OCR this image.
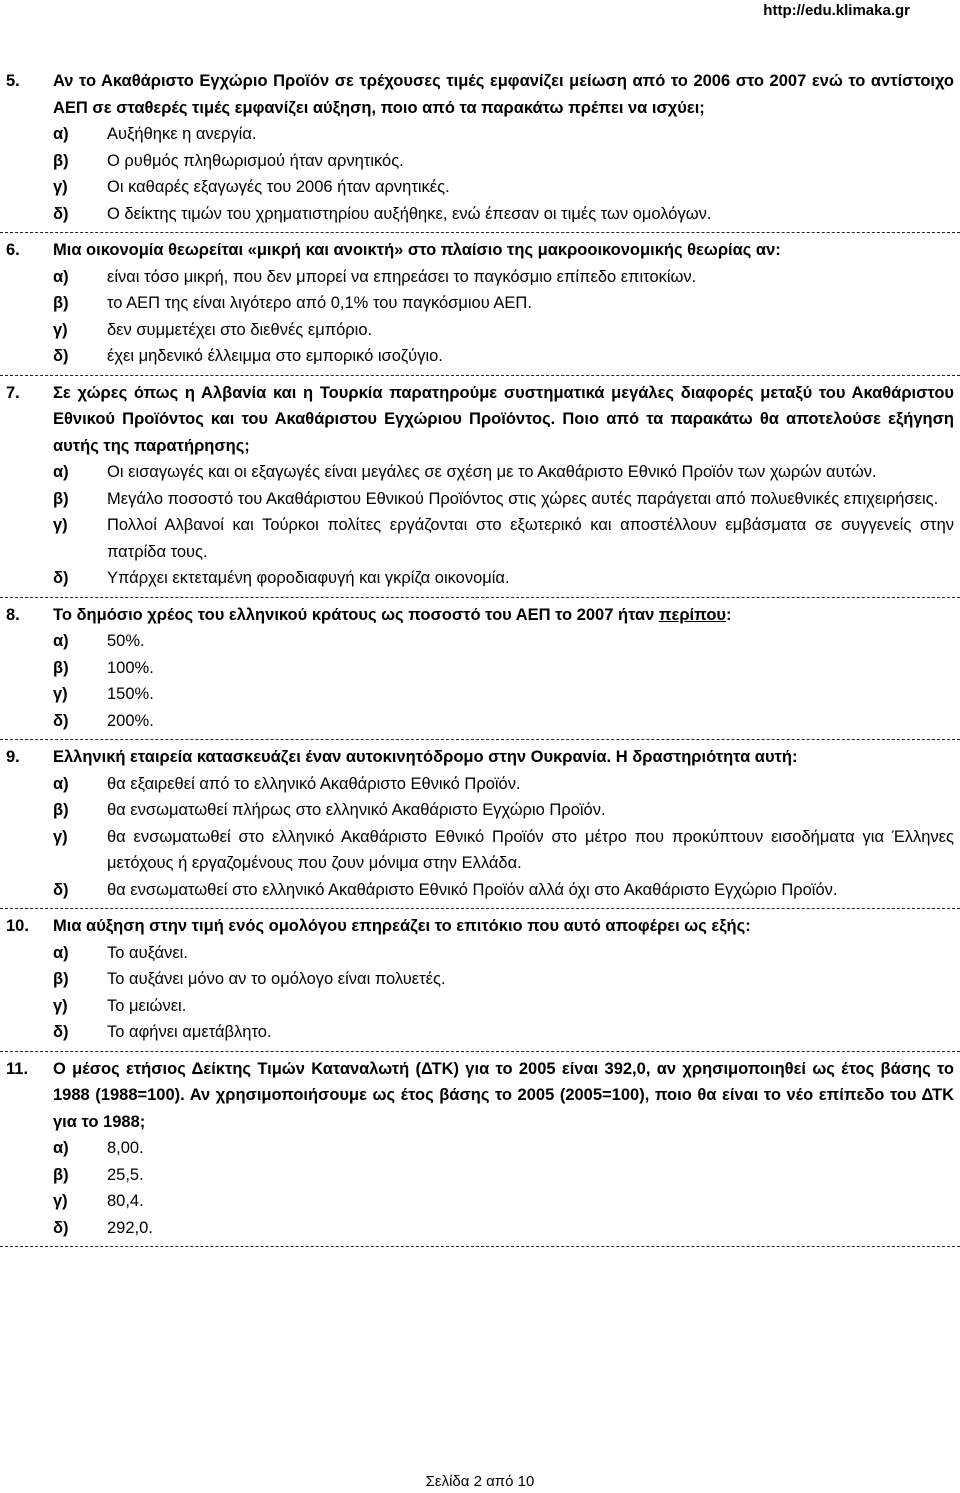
http://edu.klimaka.gr
5.	Αν το Ακαθάριστο Εγχώριο Προϊόν σε τρέχουσες τιμές εμφανίζει μείωση από το 2006 στο 2007 ενώ το αντίστοιχο ΑΕΠ σε σταθερές τιμές εμφανίζει αύξηση, ποιο από τα παρακάτω πρέπει να ισχύει;
α)	Αυξήθηκε η ανεργία.
β)	Ο ρυθμός πληθωρισμού ήταν αρνητικός.
γ)	Οι καθαρές εξαγωγές του 2006 ήταν αρνητικές.
δ)	Ο δείκτης τιμών του χρηματιστηρίου αυξήθηκε, ενώ έπεσαν οι τιμές των ομολόγων.
6.	Μια οικονομία θεωρείται «μικρή και ανοικτή» στο πλαίσιο της μακροοικονομικής θεωρίας αν:
α)	είναι τόσο μικρή, που δεν μπορεί να επηρεάσει το παγκόσμιο επίπεδο επιτοκίων.
β)	το ΑΕΠ της είναι λιγότερο από 0,1% του παγκόσμιου ΑΕΠ.
γ)	δεν συμμετέχει στο διεθνές εμπόριο.
δ)	έχει μηδενικό έλλειμμα στο εμπορικό ισοζύγιο.
7.	Σε χώρες όπως η Αλβανία και η Τουρκία παρατηρούμε συστηματικά μεγάλες διαφορές μεταξύ του Ακαθάριστου Εθνικού Προϊόντος και του Ακαθάριστου Εγχώριου Προϊόντος. Ποιο από τα παρακάτω θα αποτελούσε εξήγηση αυτής της παρατήρησης;
α)	Οι εισαγωγές και οι εξαγωγές είναι μεγάλες σε σχέση με το Ακαθάριστο Εθνικό Προϊόν των χωρών αυτών.
β)	Μεγάλο ποσοστό του Ακαθάριστου Εθνικού Προϊόντος στις χώρες αυτές παράγεται από πολυεθνικές επιχειρήσεις.
γ)	Πολλοί Αλβανοί και Τούρκοι πολίτες εργάζονται στο εξωτερικό και αποστέλλουν εμβάσματα σε συγγενείς στην πατρίδα τους.
δ)	Υπάρχει εκτεταμένη φοροδιαφυγή και γκρίζα οικονομία.
8.	Το δημόσιο χρέος του ελληνικού κράτους ως ποσοστό του ΑΕΠ το 2007 ήταν περίπου:
α)	50%.
β)	100%.
γ)	150%.
δ)	200%.
9.	Ελληνική εταιρεία κατασκευάζει έναν αυτοκινητόδρομο στην Ουκρανία. Η δραστηριότητα αυτή:
α)	θα εξαιρεθεί από το ελληνικό Ακαθάριστο Εθνικό Προϊόν.
β)	θα ενσωματωθεί πλήρως στο ελληνικό Ακαθάριστο Εγχώριο Προϊόν.
γ)	θα ενσωματωθεί στο ελληνικό Ακαθάριστο Εθνικό Προϊόν στο μέτρο που προκύπτουν εισοδήματα για Έλληνες μετόχους ή εργαζομένους που ζουν μόνιμα στην Ελλάδα.
δ)	θα ενσωματωθεί στο ελληνικό Ακαθάριστο Εθνικό Προϊόν αλλά όχι στο Ακαθάριστο Εγχώριο Προϊόν.
10.	Μια αύξηση στην τιμή ενός ομολόγου επηρεάζει το επιτόκιο που αυτό αποφέρει ως εξής:
α)	Το αυξάνει.
β)	Το αυξάνει μόνο αν το ομόλογο είναι πολυετές.
γ)	Το μειώνει.
δ)	Το αφήνει αμετάβλητο.
11.	Ο μέσος ετήσιος Δείκτης Τιμών Καταναλωτή (ΔΤΚ) για το 2005 είναι 392,0, αν χρησιμοποιηθεί ως έτος βάσης το 1988 (1988=100). Αν χρησιμοποιήσουμε ως έτος βάσης το 2005 (2005=100), ποιο θα είναι το νέο επίπεδο του ΔΤΚ για το 1988;
α)	8,00.
β)	25,5.
γ)	80,4.
δ)	292,0.
Σελίδα 2 από 10
